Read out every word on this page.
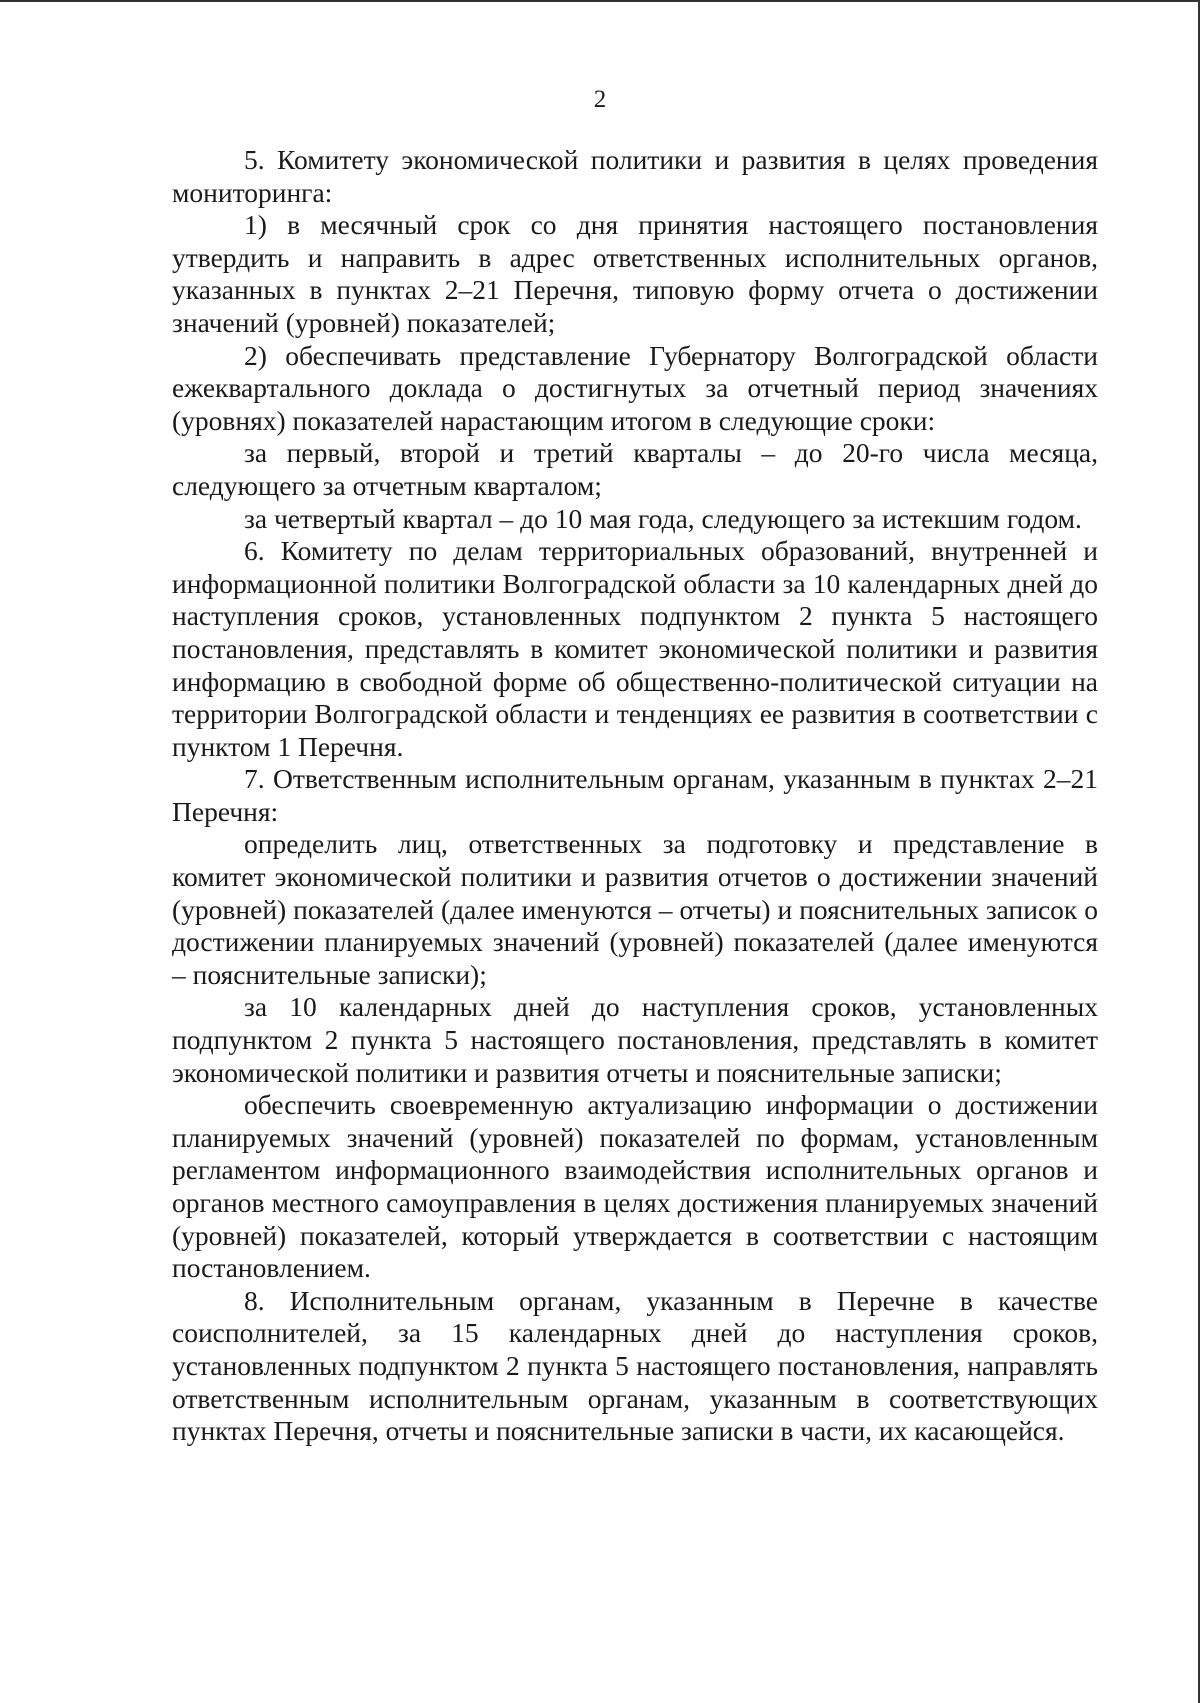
2

5. Комитету экономической политики и развития в целях проведения мониторинга:

1) в месячный срок со дня принятия настоящего постановления утвердить и направить в адрес ответственных исполнительных органов, указанных в пунктах 2–21 Перечня, типовую форму отчета о достижении значений (уровней) показателей;

2) обеспечивать представление Губернатору Волгоградской области ежеквартального доклада о достигнутых за отчетный период значениях (уровнях) показателей нарастающим итогом в следующие сроки:

за первый, второй и третий кварталы – до 20-го числа месяца, следующего за отчетным кварталом;

за четвертый квартал – до 10 мая года, следующего за истекшим годом.

6. Комитету по делам территориальных образований, внутренней и информационной политики Волгоградской области за 10 календарных дней до наступления сроков, установленных подпунктом 2 пункта 5 настоящего постановления, представлять в комитет экономической политики и развития информацию в свободной форме об общественно-политической ситуации на территории Волгоградской области и тенденциях ее развития в соответствии с пунктом 1 Перечня.

7. Ответственным исполнительным органам, указанным в пунктах 2–21 Перечня:

определить лиц, ответственных за подготовку и представление в комитет экономической политики и развития отчетов о достижении значений (уровней) показателей (далее именуются – отчеты) и пояснительных записок о достижении планируемых значений (уровней) показателей (далее именуются – пояснительные записки);

за 10 календарных дней до наступления сроков, установленных подпунктом 2 пункта 5 настоящего постановления, представлять в комитет экономической политики и развития отчеты и пояснительные записки;

обеспечить своевременную актуализацию информации о достижении планируемых значений (уровней) показателей по формам, установленным регламентом информационного взаимодействия исполнительных органов и органов местного самоуправления в целях достижения планируемых значений (уровней) показателей, который утверждается в соответствии с настоящим постановлением.

8. Исполнительным органам, указанным в Перечне в качестве соисполнителей, за 15 календарных дней до наступления сроков, установленных подпунктом 2 пункта 5 настоящего постановления, направлять ответственным исполнительным органам, указанным в соответствующих пунктах Перечня, отчеты и пояснительные записки в части, их касающейся.
